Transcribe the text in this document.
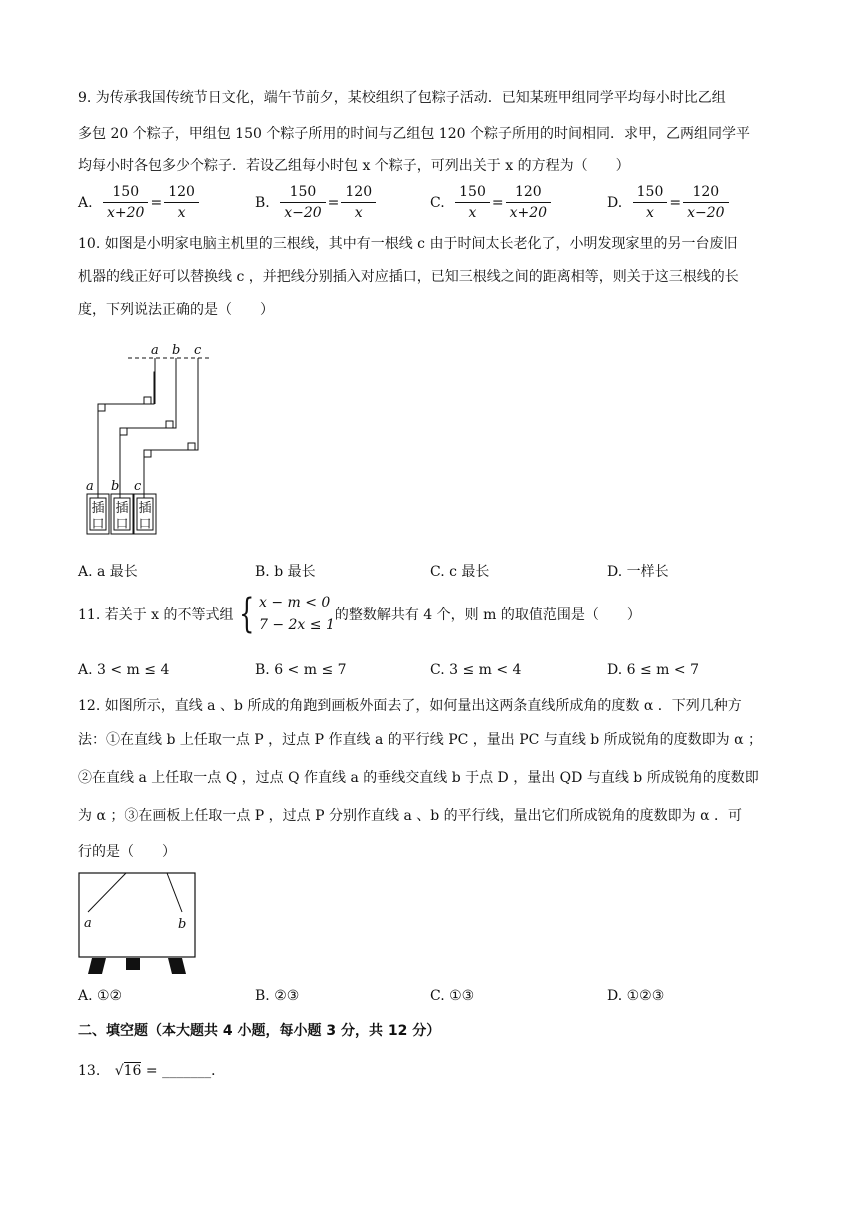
9. 为传承我国传统节日文化，端午节前夕，某校组织了包粽子活动．已知某班甲组同学平均每小时比乙组
多包 20 个粽子，甲组包 150 个粽子所用的时间与乙组包 120 个粽子所用的时间相同．求甲，乙两组同学平
均每小时各包多少个粽子．若设乙组每小时包 x 个粽子，可列出关于 x 的方程为（　　）
A. $\frac{150}{x+20} = \frac{120}{x}$	B. $\frac{150}{x-20} = \frac{120}{x}$	C. $\frac{150}{x} = \frac{120}{x+20}$	D. $\frac{150}{x} = \frac{120}{x-20}$
10. 如图是小明家电脑主机里的三根线，其中有一根线 c 由于时间太长老化了，小明发现家里的另一台废旧
机器的线正好可以替换线 c ，并把线分别插入对应插口，已知三根线之间的距离相等，则关于这三根线的长
度，下列说法正确的是（　　）
a b c
a b c
插
口
插
口
插
口
A. a 最长	B. b 最长	C. c 最长	D. 一样长
11. 若关于 x 的不等式组 { x − m < 0
7 − 2x ≤ 1
的整数解共有 4 个，则 m 的取值范围是（　　）
A. 3 < m ≤ 4	B. 6 < m ≤ 7	C. 3 ≤ m < 4	D. 6 ≤ m < 7
12. 如图所示，直线 a 、b 所成的角跑到画板外面去了，如何量出这两条直线所成角的度数 α ．下列几种方
法：①在直线 b 上任取一点 P ，过点 P 作直线 a 的平行线 PC ，量出 PC 与直线 b 所成锐角的度数即为 α ；
②在直线 a 上任取一点 Q ，过点 Q 作直线 a 的垂线交直线 b 于点 D ，量出 QD 与直线 b 所成锐角的度数即
为 α ；③在画板上任取一点 P ，过点 P 分别作直线 a 、b 的平行线，量出它们所成锐角的度数即为 α ．可
行的是（　　）
a	b
A. ①②	B. ②③	C. ①③	D. ①②③
二、填空题（本大题共 4 小题，每小题 3 分，共 12 分）
13. √16 = _______．
